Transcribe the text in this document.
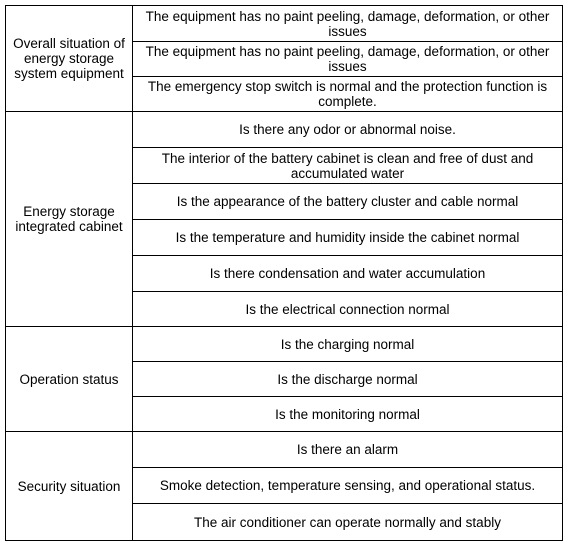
Overall situation of energy storage system equipment	The equipment has no paint peeling, damage, deformation, or other issues
	The equipment has no paint peeling, damage, deformation, or other issues
	The emergency stop switch is normal and the protection function is complete.
Energy storage integrated cabinet	Is there any odor or abnormal noise.
	The interior of the battery cabinet is clean and free of dust and accumulated water
	Is the appearance of the battery cluster and cable normal
	Is the temperature and humidity inside the cabinet normal
	Is there condensation and water accumulation
	Is the electrical connection normal
Operation status	Is the charging normal
	Is the discharge normal
	Is the monitoring normal
Security situation	Is there an alarm
	Smoke detection, temperature sensing, and operational status.
	The air conditioner can operate normally and stably
